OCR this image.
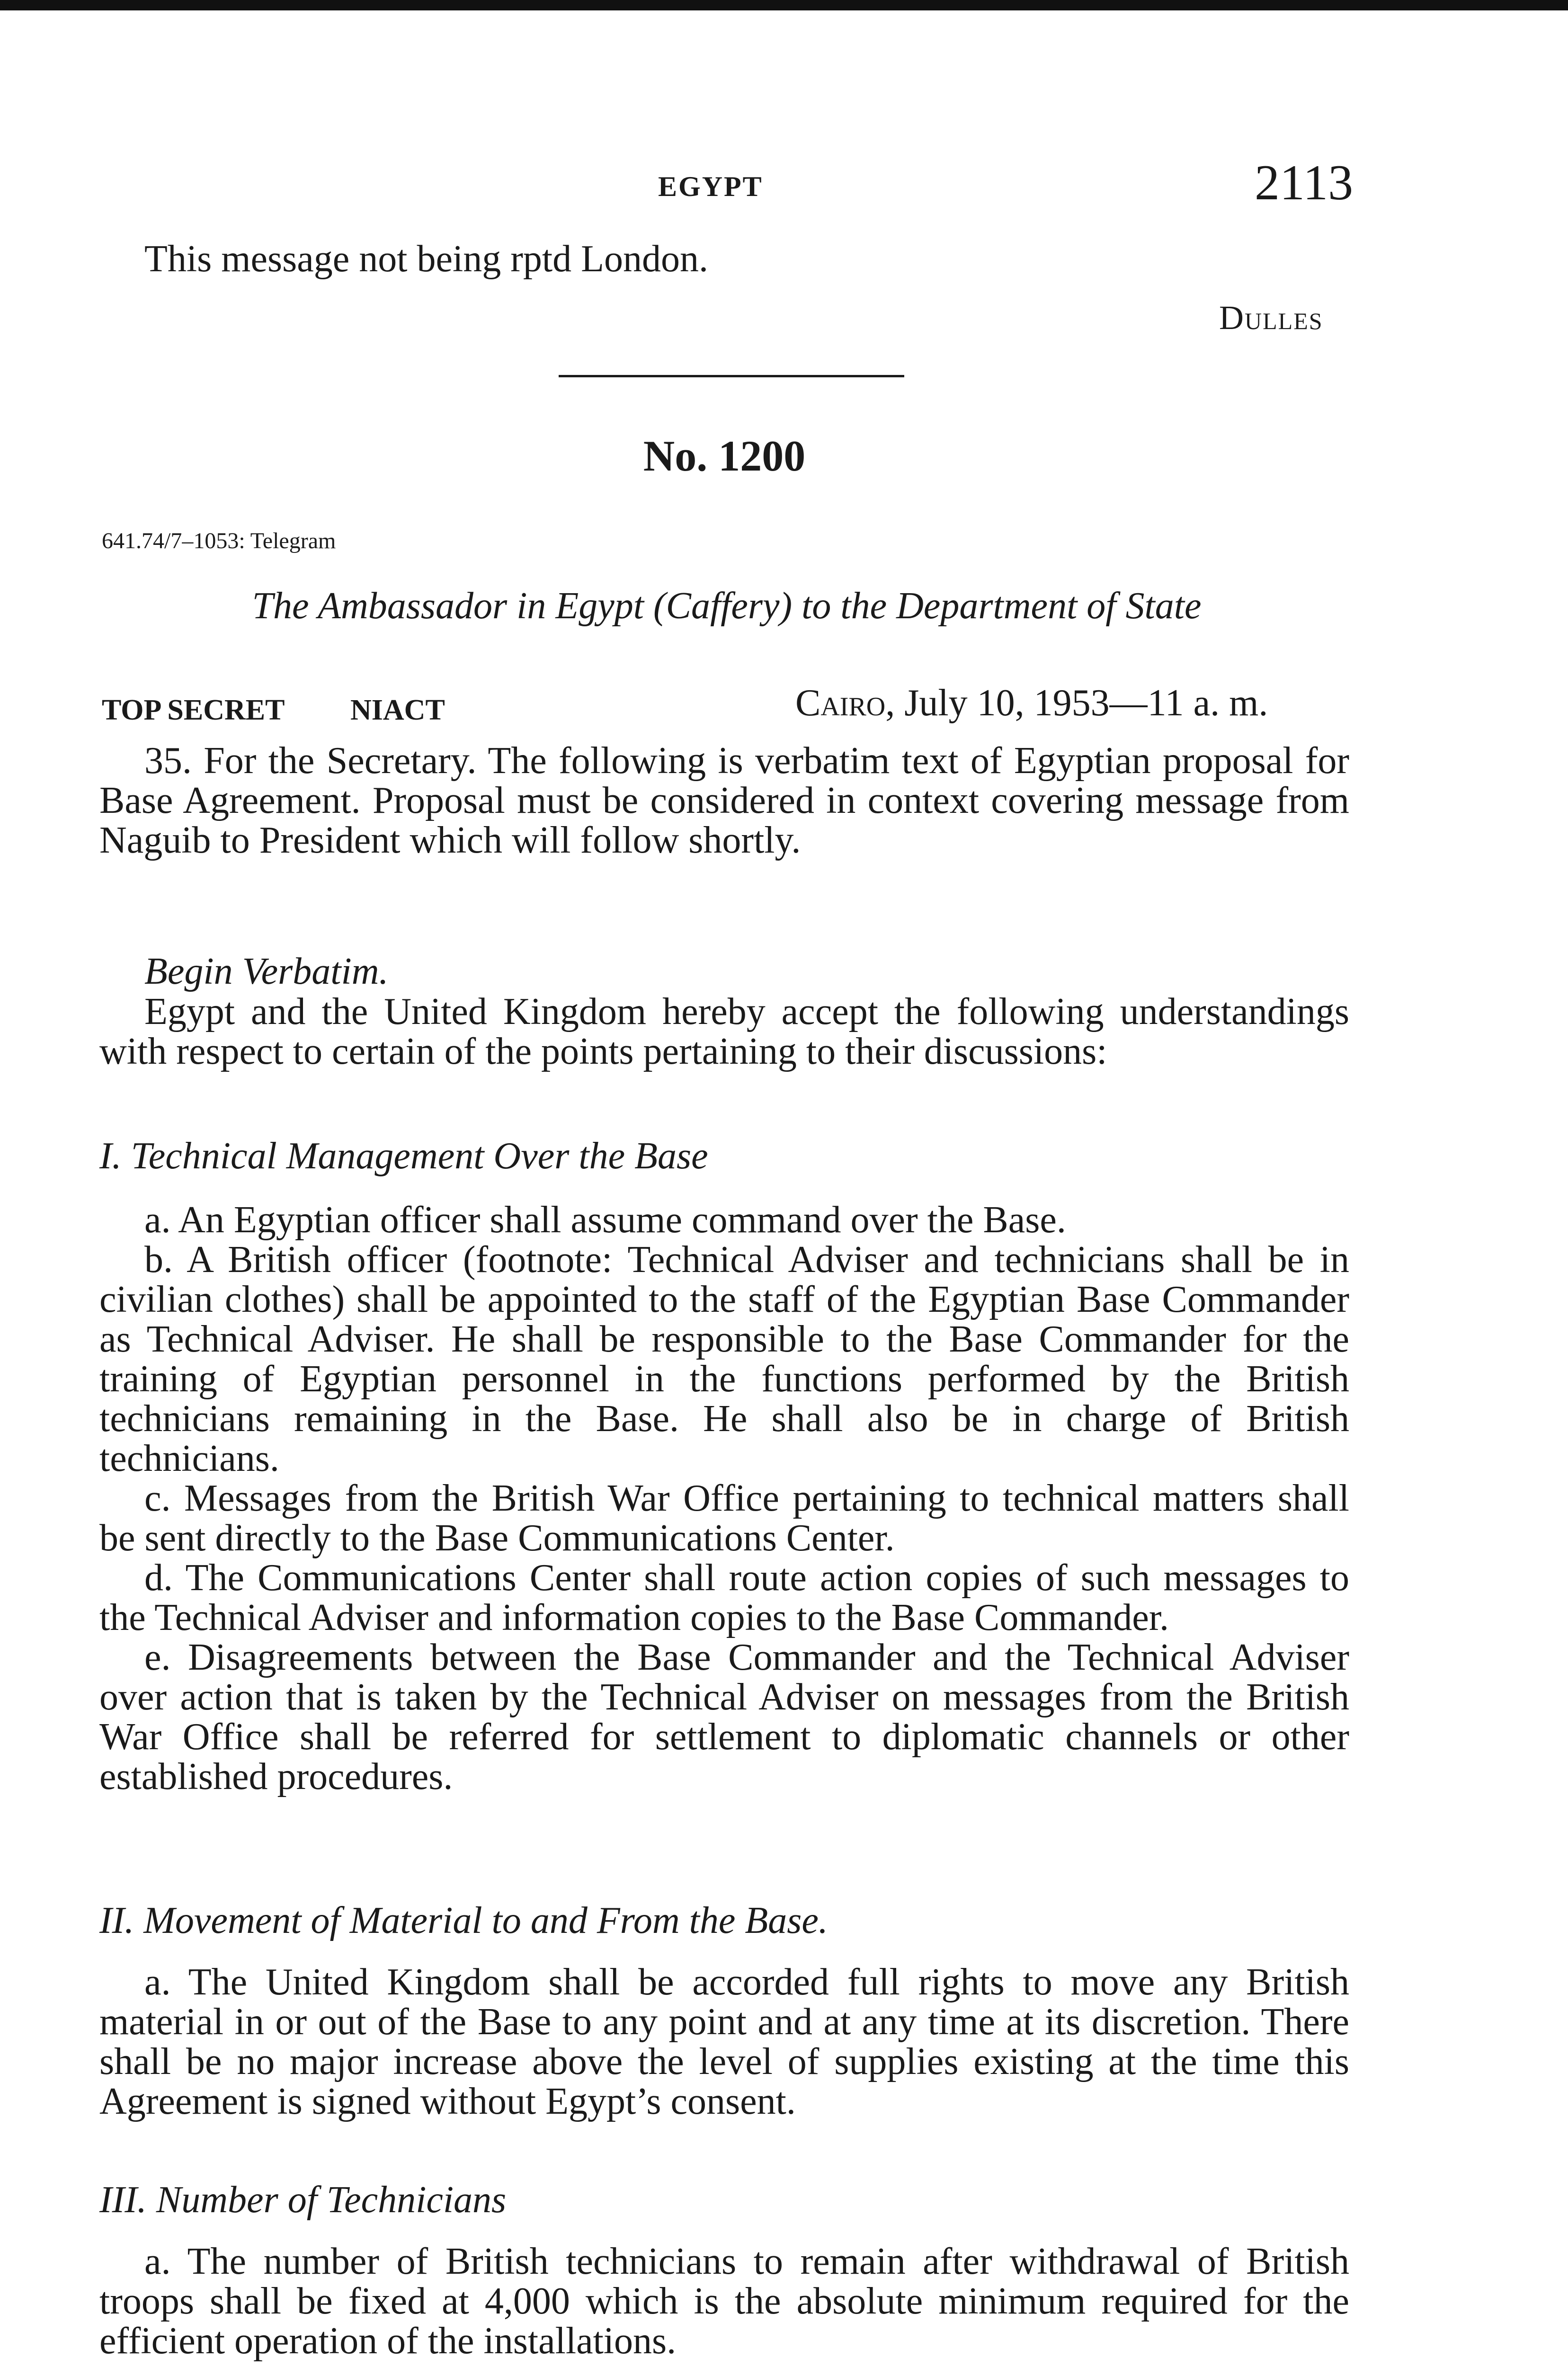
EGYPT	2113

This message not being rptd London.

Dulles
No. 1200
641.74/7–1053: Telegram
The Ambassador in Egypt (Caffery) to the Department of State
TOP SECRET NIACT	Cairo, July 10, 1953—11 a. m.

35. For the Secretary. The following is verbatim text of Egyptian proposal for Base Agreement. Proposal must be considered in context covering message from Naguib to President which will follow shortly.

Begin Verbatim.

Egypt and the United Kingdom hereby accept the following understandings with respect to certain of the points pertaining to their discussions:

I. Technical Management Over the Base

a. An Egyptian officer shall assume command over the Base.

b. A British officer (footnote: Technical Adviser and technicians shall be in civilian clothes) shall be appointed to the staff of the Egyptian Base Commander as Technical Adviser. He shall be responsible to the Base Commander for the training of Egyptian personnel in the functions performed by the British technicians remaining in the Base. He shall also be in charge of British technicians.

c. Messages from the British War Office pertaining to technical matters shall be sent directly to the Base Communications Center.

d. The Communications Center shall route action copies of such messages to the Technical Adviser and information copies to the Base Commander.

e. Disagreements between the Base Commander and the Technical Adviser over action that is taken by the Technical Adviser on messages from the British War Office shall be referred for settlement to diplomatic channels or other established procedures.

II. Movement of Material to and From the Base.

a. The United Kingdom shall be accorded full rights to move any British material in or out of the Base to any point and at any time at its discretion. There shall be no major increase above the level of supplies existing at the time this Agreement is signed without Egypt’s consent.

III. Number of Technicians

a. The number of British technicians to remain after withdrawal of British troops shall be fixed at 4,000 which is the absolute minimum required for the efficient operation of the installations.
